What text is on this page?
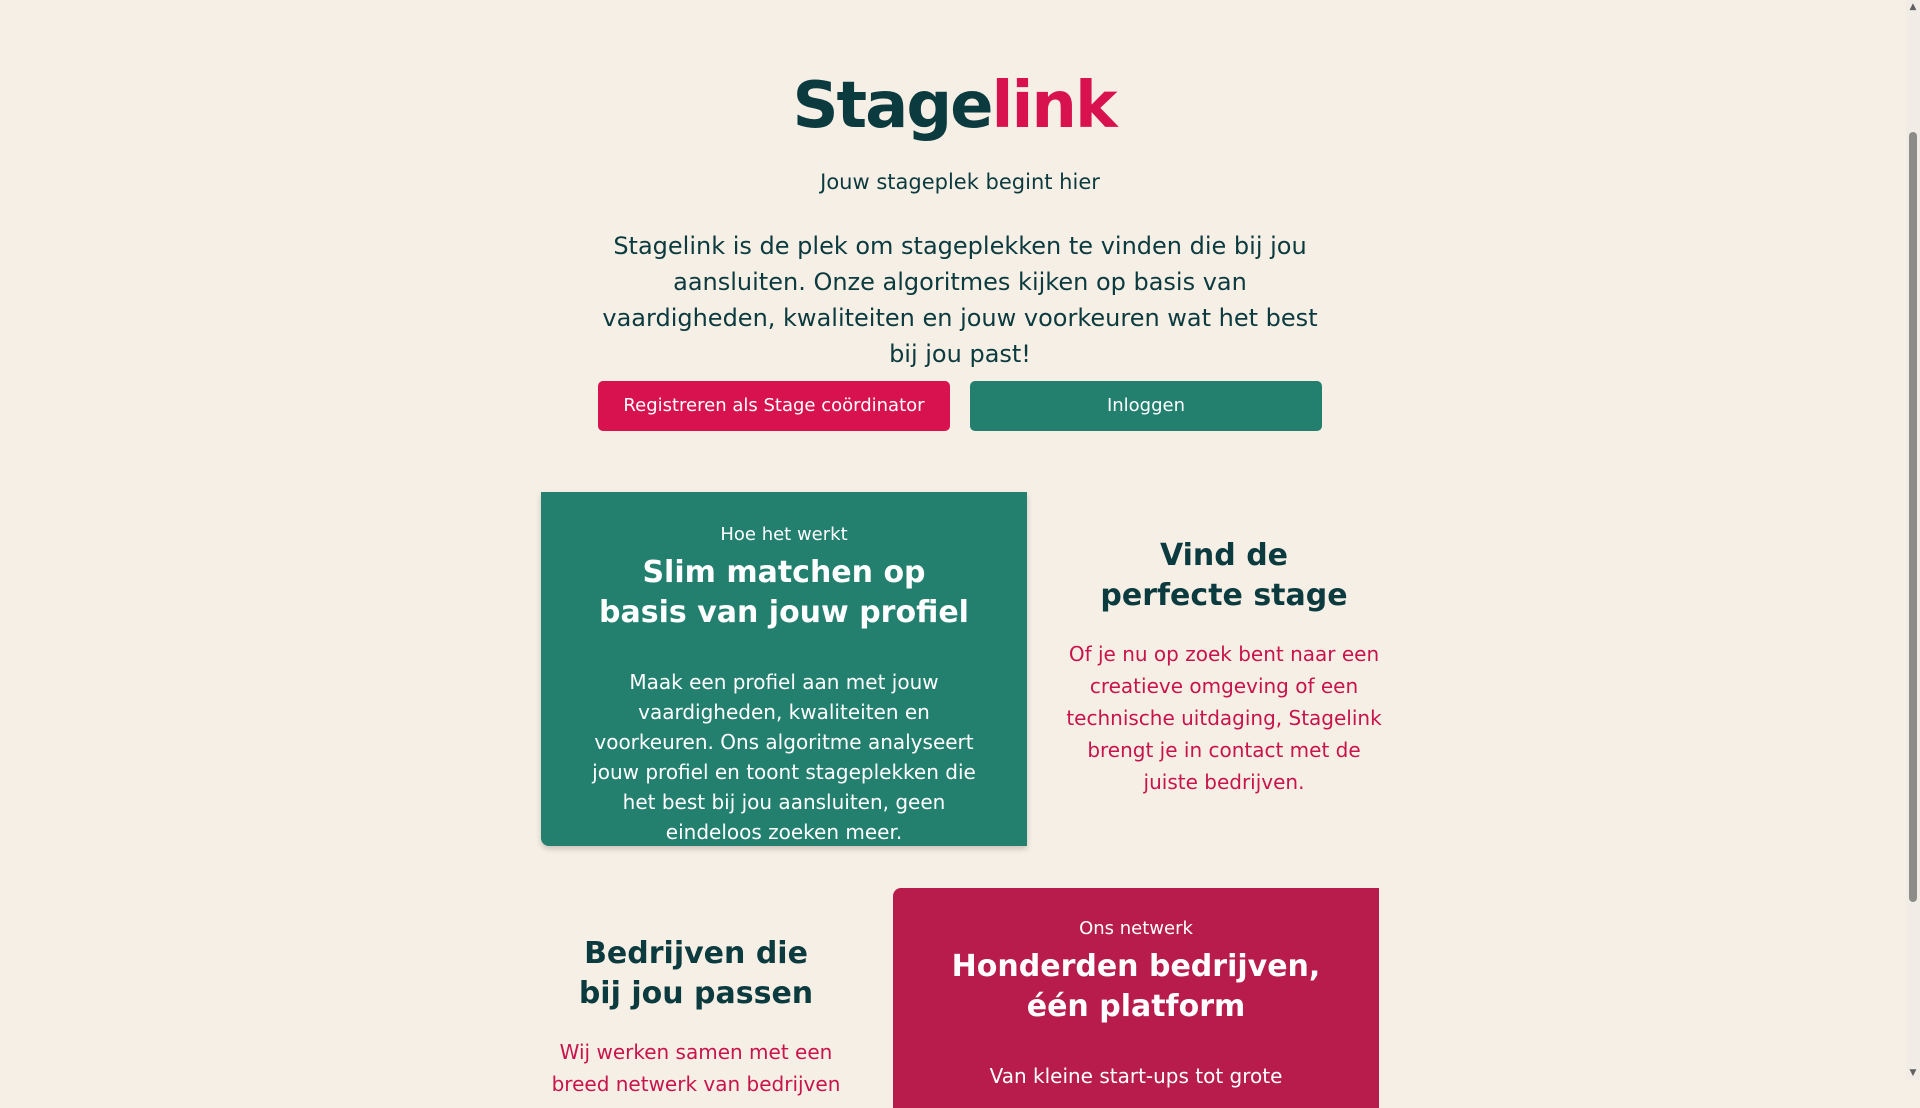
Stagelink

Jouw stageplek begint hier

Stagelink is de plek om stageplekken te vinden die bij jou aansluiten. Onze algoritmes kijken op basis van vaardigheden, kwaliteiten en jouw voorkeuren wat het best bij jou past!

Registreren als Stage coördinator	Inloggen
Hoe het werkt
Slim matchen op
basis van jouw profiel

Maak een profiel aan met jouw vaardigheden, kwaliteiten en voorkeuren. Ons algoritme analyseert jouw profiel en toont stageplekken die het best bij jou aansluiten, geen eindeloos zoeken meer.

Vind de
perfecte stage

Of je nu op zoek bent naar een creatieve omgeving of een technische uitdaging, Stagelink brengt je in contact met de juiste bedrijven.

Bedrijven die
bij jou passen

Wij werken samen met een breed netwerk van bedrijven

Ons netwerk
Honderden bedrijven,
één platform

Van kleine start-ups tot grote

▲
▼
